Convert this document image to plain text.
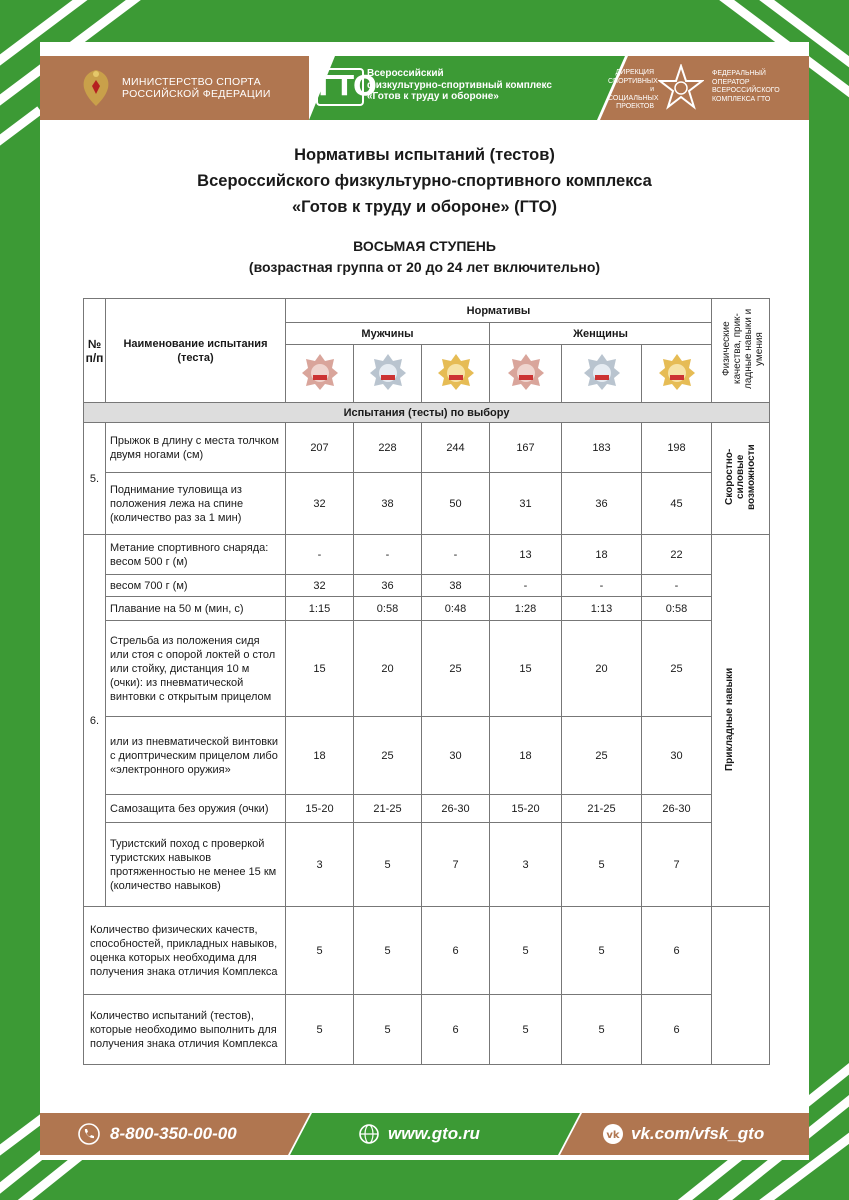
МИНИСТЕРСТВО СПОРТА
РОССИЙСКОЙ ФЕДЕРАЦИИ ГТО
Всероссийский
физкультурно-спортивный комплекс
«Готов к труду и обороне»
ДИРЕКЦИЯ
СПОРТИВНЫХ
и СОЦИАЛЬНЫХ
ПРОЕКТОВ
ФЕДЕРАЛЬНЫЙ
ОПЕРАТОР
ВСЕРОССИЙСКОГО
КОМПЛЕКСА ГТО
Нормативы испытаний (тестов)
Всероссийского физкультурно-спортивного комплекса
«Готов к труду и обороне» (ГТО)
ВОСЬМАЯ СТУПЕНЬ
(возрастная группа от 20 до 24 лет включительно)
№ п/п	Наименование испытания (теста)	Нормативы						Физические качества, прик-ладные навыки и умения
		Мужчины			Женщины			

Испытания (тесты) по выбору								
5.	Прыжок в длину с места толчком двумя ногами (см)	207	228	244	167	183	198	Скоростно-силовые возможности
	Поднимание туловища из положения лежа на спине (количество раз за 1 мин)	32	38	50	31	36	45	
6.	Метание спортивного снаряда: весом 500 г (м)	-	-	-	13	18	22	Прикладные навыки
	весом 700 г (м)	32	36	38	-	-	-	
	Плавание на 50 м (мин, с)	1:15	0:58	0:48	1:28	1:13	0:58	
	Стрельба из положения сидя или стоя с опорой локтей о стол или стойку, дистанция 10 м (очки): из пневматической винтовки с открытым прицелом	15	20	25	15	20	25	
	или из пневматической винтовки с диоптрическим прицелом либо «электронного оружия»	18	25	30	18	25	30	
	Самозащита без оружия (очки)	15-20	21-25	26-30	15-20	21-25	26-30	
	Туристский поход с проверкой туристских навыков протяженностью не менее 15 км (количество навыков)	3	5	7	3	5	7	
Количество физических качеств, способностей, прикладных навыков, оценка которых необходима для получения знака отличия Комплекса		5	5	6	5	5	6	
Количество испытаний (тестов), которые необходимо выполнить для получения знака отличия Комплекса		5	5	6	5	5	6	
8-800-350-00-00	www.gto.ru	vk vk.com/vfsk_gto
